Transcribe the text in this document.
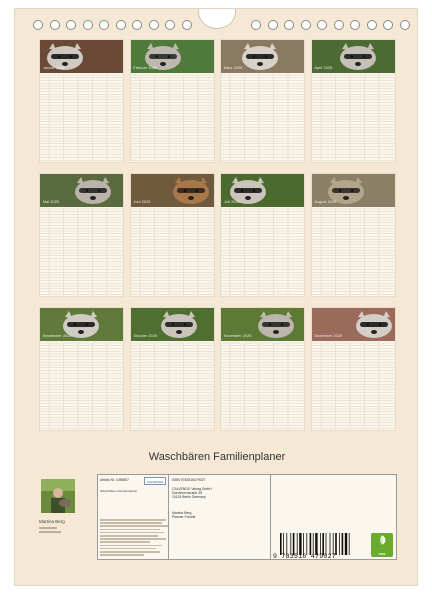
Januar 2025	Februar 2025	März 2025	April 2025
Mai 2025	Juni 2025	Juli 2025	August 2025
September 2025	Oktober 2025	November 2025	Dezember 2025
Waschbären Familienplaner
Martina Berg
Artikel-Nr. 1055857	CALVENDO
Waschbären Familienplaner
ISBN 9783516479027
CALVENDO Verlag GmbH
Dorotheenstraße 39
10115 Berlin Germany
Martina Berg
Planner Freude
9 783516 479027	eco
